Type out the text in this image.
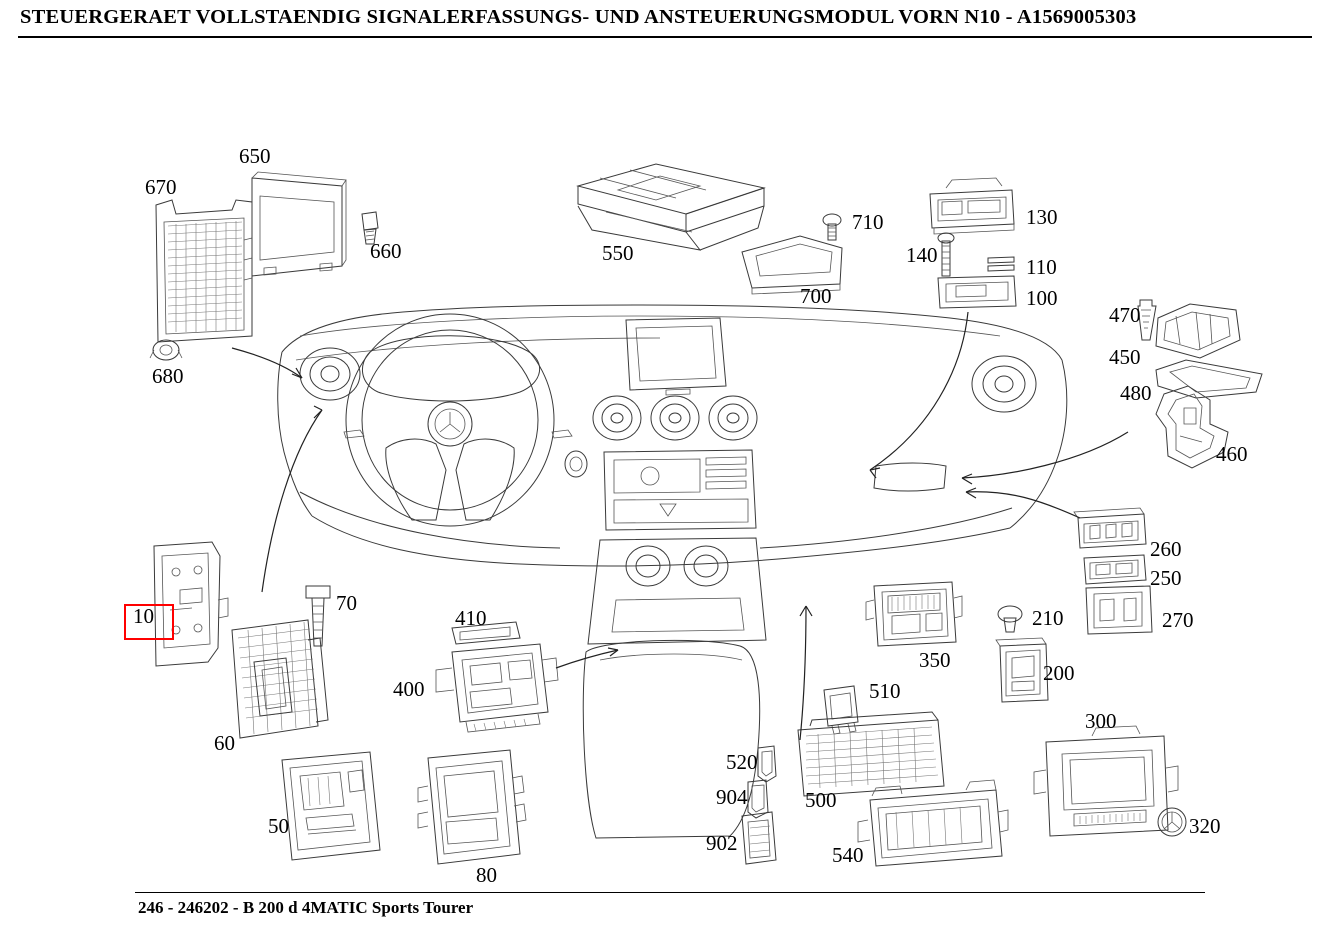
STEUERGERAET VOLLSTAENDIG SIGNALERFASSUNGS- UND ANSTEUERUNGSMODUL VORN N10 - A1569005303
650
670
660
680
550
710
700
130
140	110
100
470
450
480
460
260
250
270
210
200
300
320
350
510
500
540
520
904
902
410
400
70
60
50
80
10
246 - 246202 - B 200 d 4MATIC Sports Tourer
